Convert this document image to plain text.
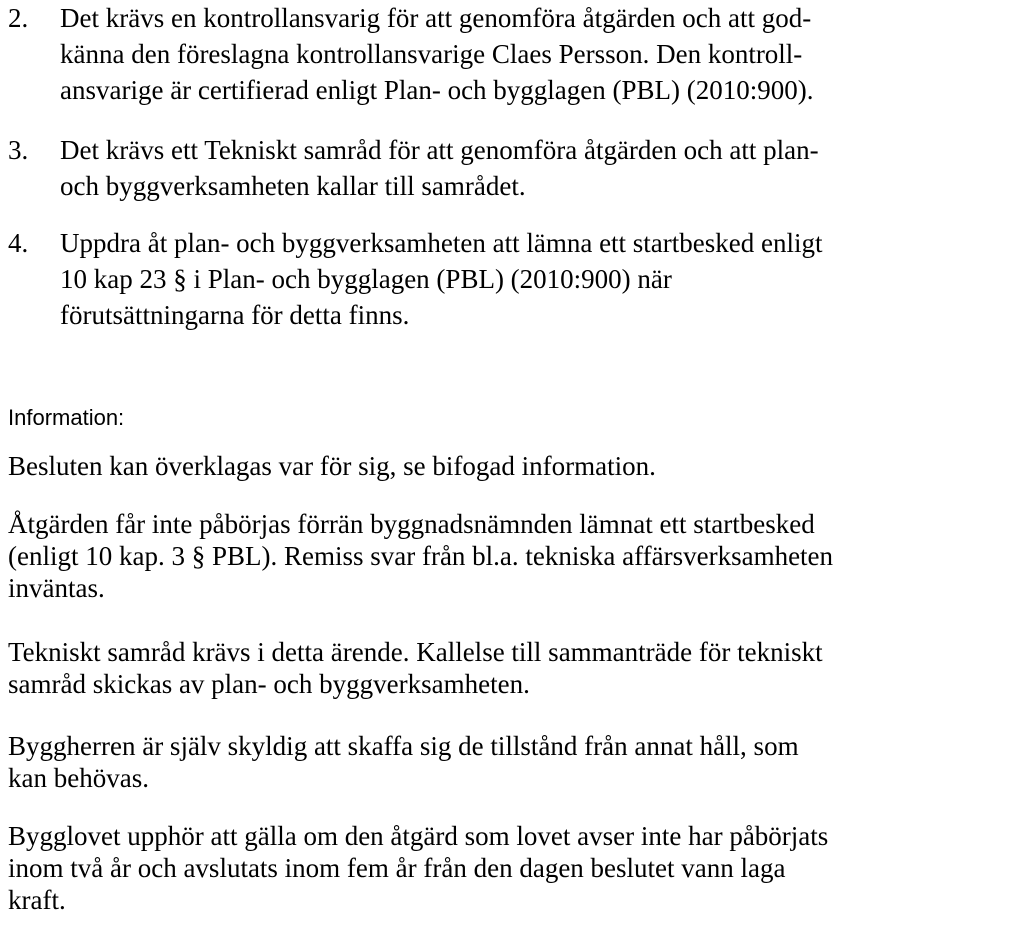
2. Det krävs en kontrollansvarig för att genomföra åtgärden och att god-
känna den föreslagna kontrollansvarige Claes Persson. Den kontroll-
ansvarige är certifierad enligt Plan- och bygglagen (PBL) (2010:900).
3. Det krävs ett Tekniskt samråd för att genomföra åtgärden och att plan-
och byggverksamheten kallar till samrådet.
4. Uppdra åt plan- och byggverksamheten att lämna ett startbesked enligt
10 kap 23 § i Plan- och bygglagen (PBL) (2010:900) när
förutsättningarna för detta finns.
Information:
Besluten kan överklagas var för sig, se bifogad information.
Åtgärden får inte påbörjas förrän byggnadsnämnden lämnat ett startbesked
(enligt 10 kap. 3 § PBL). Remiss svar från bl.a. tekniska affärsverksamheten
inväntas.
Tekniskt samråd krävs i detta ärende. Kallelse till sammanträde för tekniskt
samråd skickas av plan- och byggverksamheten.
Byggherren är själv skyldig att skaffa sig de tillstånd från annat håll, som
kan behövas.
Bygglovet upphör att gälla om den åtgärd som lovet avser inte har påbörjats
inom två år och avslutats inom fem år från den dagen beslutet vann laga
kraft.
